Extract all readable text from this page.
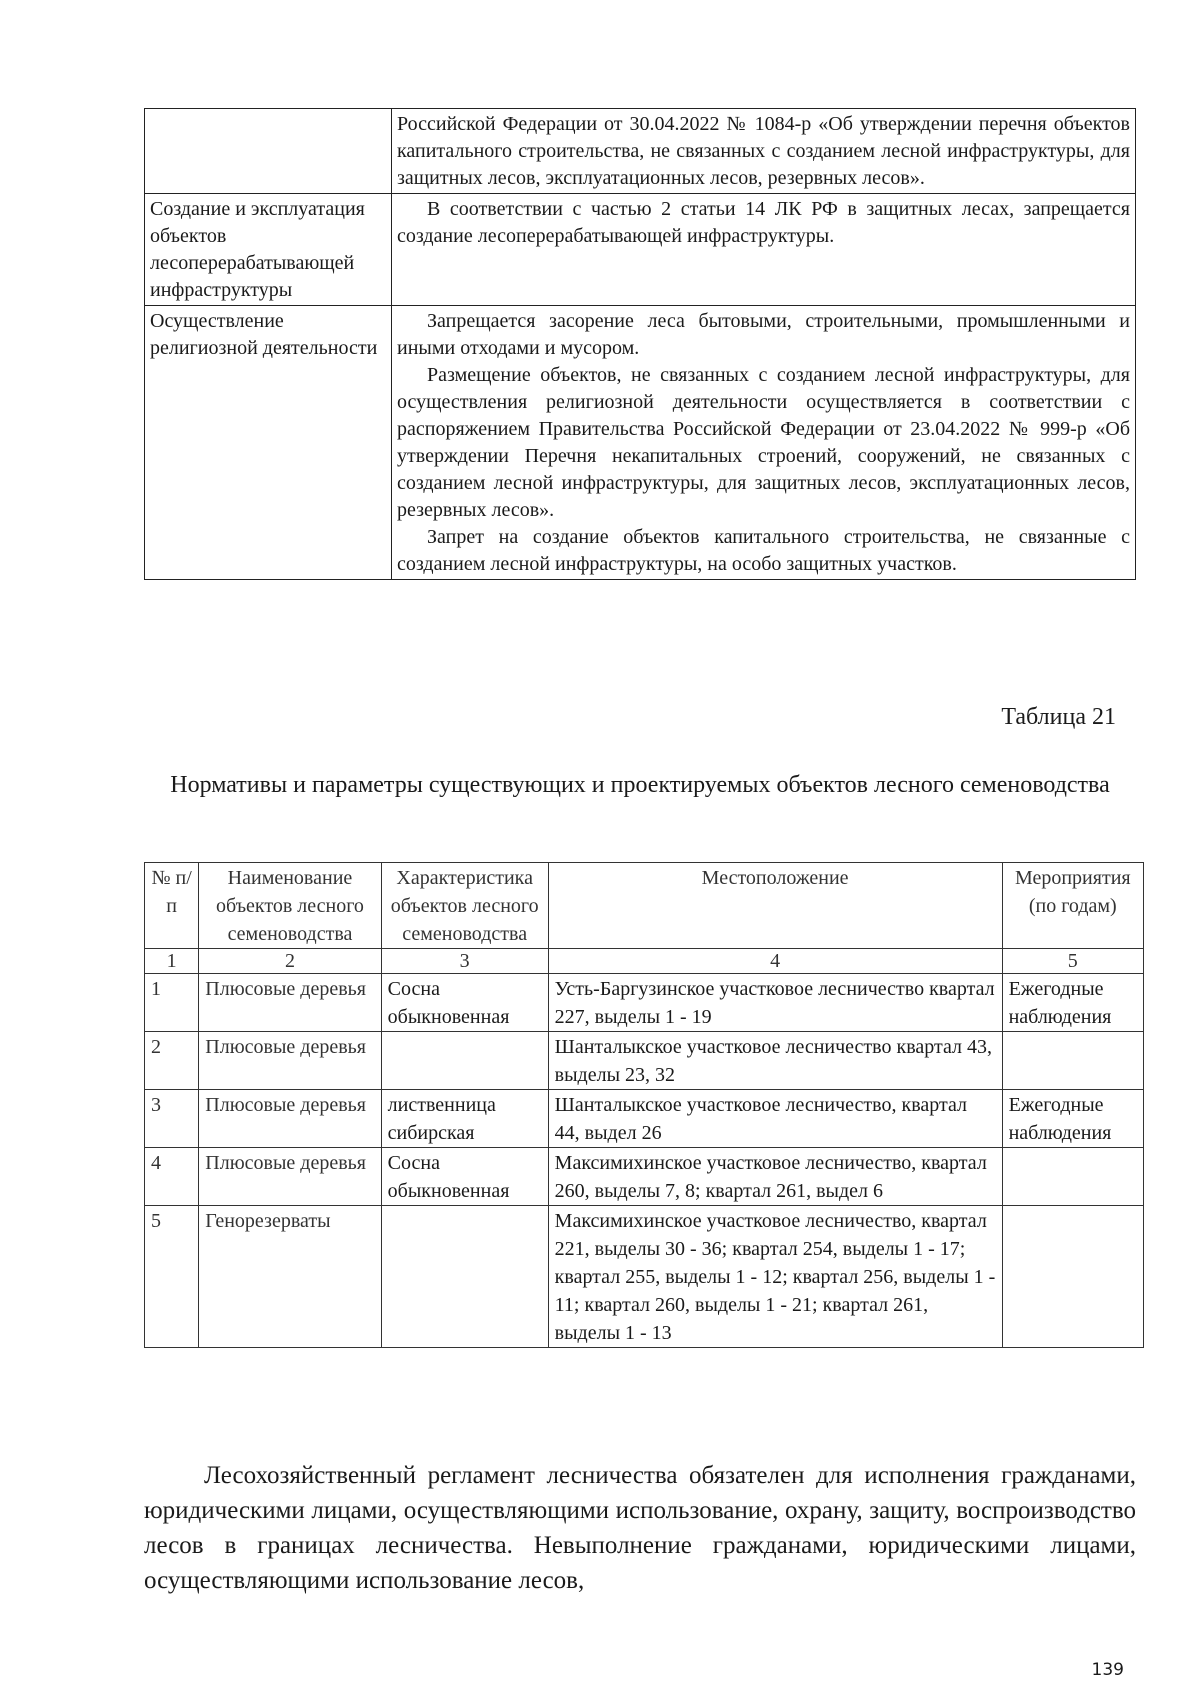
	Российской Федерации от 30.04.2022 № 1084-р «Об утверждении перечня объектов капитального строительства, не связанных с созданием лесной инфраструктуры, для защитных лесов, эксплуатационных лесов, резервных лесов».

Создание и эксплуатация объектов лесоперерабатывающей инфраструктуры	В соответствии с частью 2 статьи 14 ЛК РФ в защитных лесах, запрещается создание лесоперерабатывающей инфраструктуры.

Осуществление религиозной деятельности	Запрещается засорение леса бытовыми, строительными, промышленными и иными отходами и мусором.

Размещение объектов, не связанных с созданием лесной инфраструктуры, для осуществления религиозной деятельности осуществляется в соответствии с распоряжением Правительства Российской Федерации от 23.04.2022 № 999-р «Об утверждении Перечня некапитальных строений, сооружений, не связанных с созданием лесной инфраструктуры, для защитных лесов, эксплуатационных лесов, резервных лесов».

Запрет на создание объектов капитального строительства, не связанные с созданием лесной инфраструктуры, на особо защитных участков.

Таблица 21
Нормативы и параметры существующих и проектируемых объектов лесного семеноводства
№ п/п	Наименование объектов лесного семеноводства	Характеристика объектов лесного семеноводства	Местоположение	Мероприятия (по годам)
1	2	3	4	5
1	Плюсовые деревья	Сосна обыкновенная	Усть-Баргузинское участковое лесничество квартал 227, выделы 1 - 19	Ежегодные наблюдения
2	Плюсовые деревья		Шанталыкское участковое лесничество квартал 43, выделы 23, 32	
3	Плюсовые деревья	лиственница сибирская	Шанталыкское участковое лесничество, квартал 44, выдел 26	Ежегодные наблюдения
4	Плюсовые деревья	Сосна обыкновенная	Максимихинское участковое лесничество, квартал 260, выделы 7, 8; квартал 261, выдел 6	
5	Генорезерваты		Максимихинское участковое лесничество, квартал 221, выделы 30 - 36; квартал 254, выделы 1 - 17; квартал 255, выделы 1 - 12; квартал 256, выделы 1 - 11; квартал 260, выделы 1 - 21; квартал 261, выделы 1 - 13	

Лесохозяйственный регламент лесничества обязателен для исполнения гражданами, юридическими лицами, осуществляющими использование, охрану, защиту, воспроизводство лесов в границах лесничества. Невыполнение гражданами, юридическими лицами, осуществляющими использование лесов,

139
